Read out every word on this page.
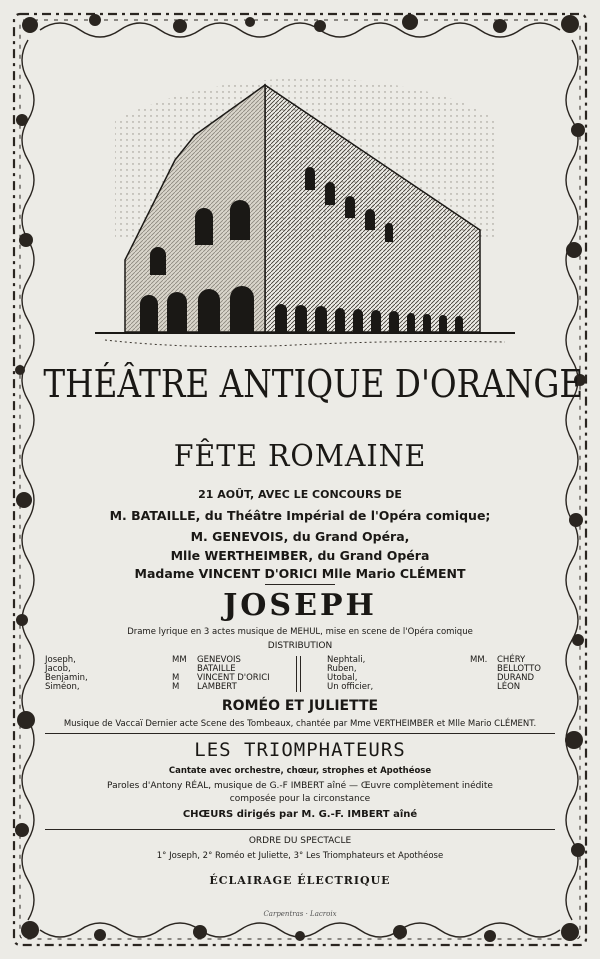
THÉÂTRE ANTIQUE D'ORANGE
FÊTE ROMAINE
21 AOÛT, AVEC LE CONCOURS DE
M. BATAILLE, du Théâtre Impérial de l'Opéra comique;
M. GENEVOIS, du Grand Opéra,
Mlle WERTHEIMBER, du Grand Opéra
Madame VINCENT D'ORICI Mlle Mario CLÉMENT
JOSEPH
Drame lyrique en 3 actes musique de MEHUL, mise en scene de l'Opéra comique
DISTRIBUTION
Joseph,
Jacob,
Benjamin,
Siméon,
MM
M
M
GENEVOIS
BATAILLE
VINCENT D'ORICI
LAMBERT
Nephtali,
Ruben,
Utobal,
Un officier,
MM. CHÉRY
BELLOTTO
DURAND
LÉON
ROMÉO ET JULIETTE
Musique de Vaccaï Dernier acte Scene des Tombeaux, chantée par Mme VERTHEIMBER et Mlle Mario CLÉMENT.
LES TRIOMPHATEURS
Cantate avec orchestre, chœur, strophes et Apothéose
Paroles d'Antony RÉAL, musique de G.-F IMBERT aîné — Œuvre complètement inédite
composée pour la circonstance
CHŒURS dirigés par M. G.-F. IMBERT aîné
ORDRE DU SPECTACLE
1° Joseph, 2° Roméo et Juliette, 3° Les Triomphateurs et Apothéose
ÉCLAIRAGE ÉLECTRIQUE
Carpentras · Lacroix
